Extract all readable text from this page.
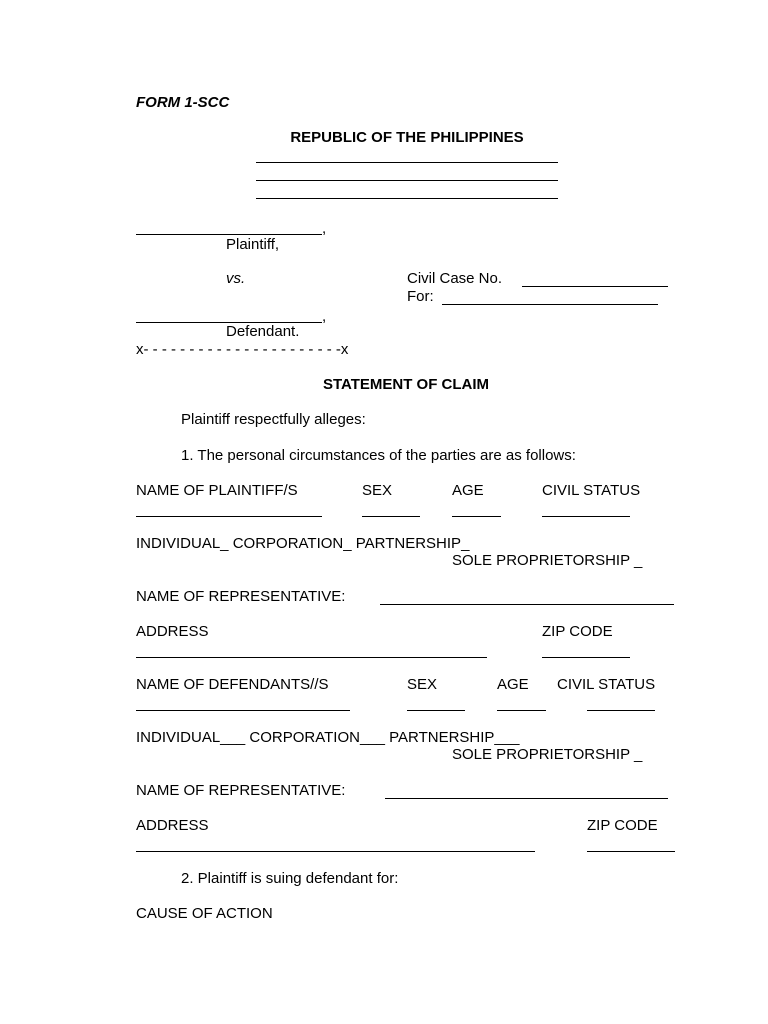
FORM 1-SCC
REPUBLIC OF THE PHILIPPINES
,
Plaintiff,
vs.	Civil Case No.
For:
,
Defendant.
x- - - - - - - - - - - - - - - - - - - - - -x
STATEMENT OF CLAIM
Plaintiff respectfully alleges:
1. The personal circumstances of the parties are as follows:
NAME OF PLAINTIFF/S	SEX	AGE	CIVIL STATUS
INDIVIDUAL_ CORPORATION_ PARTNERSHIP_
SOLE PROPRIETORSHIP _
NAME OF REPRESENTATIVE:
ADDRESS	ZIP CODE
NAME OF DEFENDANTS//S	SEX	AGE CIVIL STATUS
INDIVIDUAL___ CORPORATION___ PARTNERSHIP___
SOLE PROPRIETORSHIP _
NAME OF REPRESENTATIVE:
ADDRESS	ZIP CODE
2. Plaintiff is suing defendant for:
CAUSE OF ACTION
